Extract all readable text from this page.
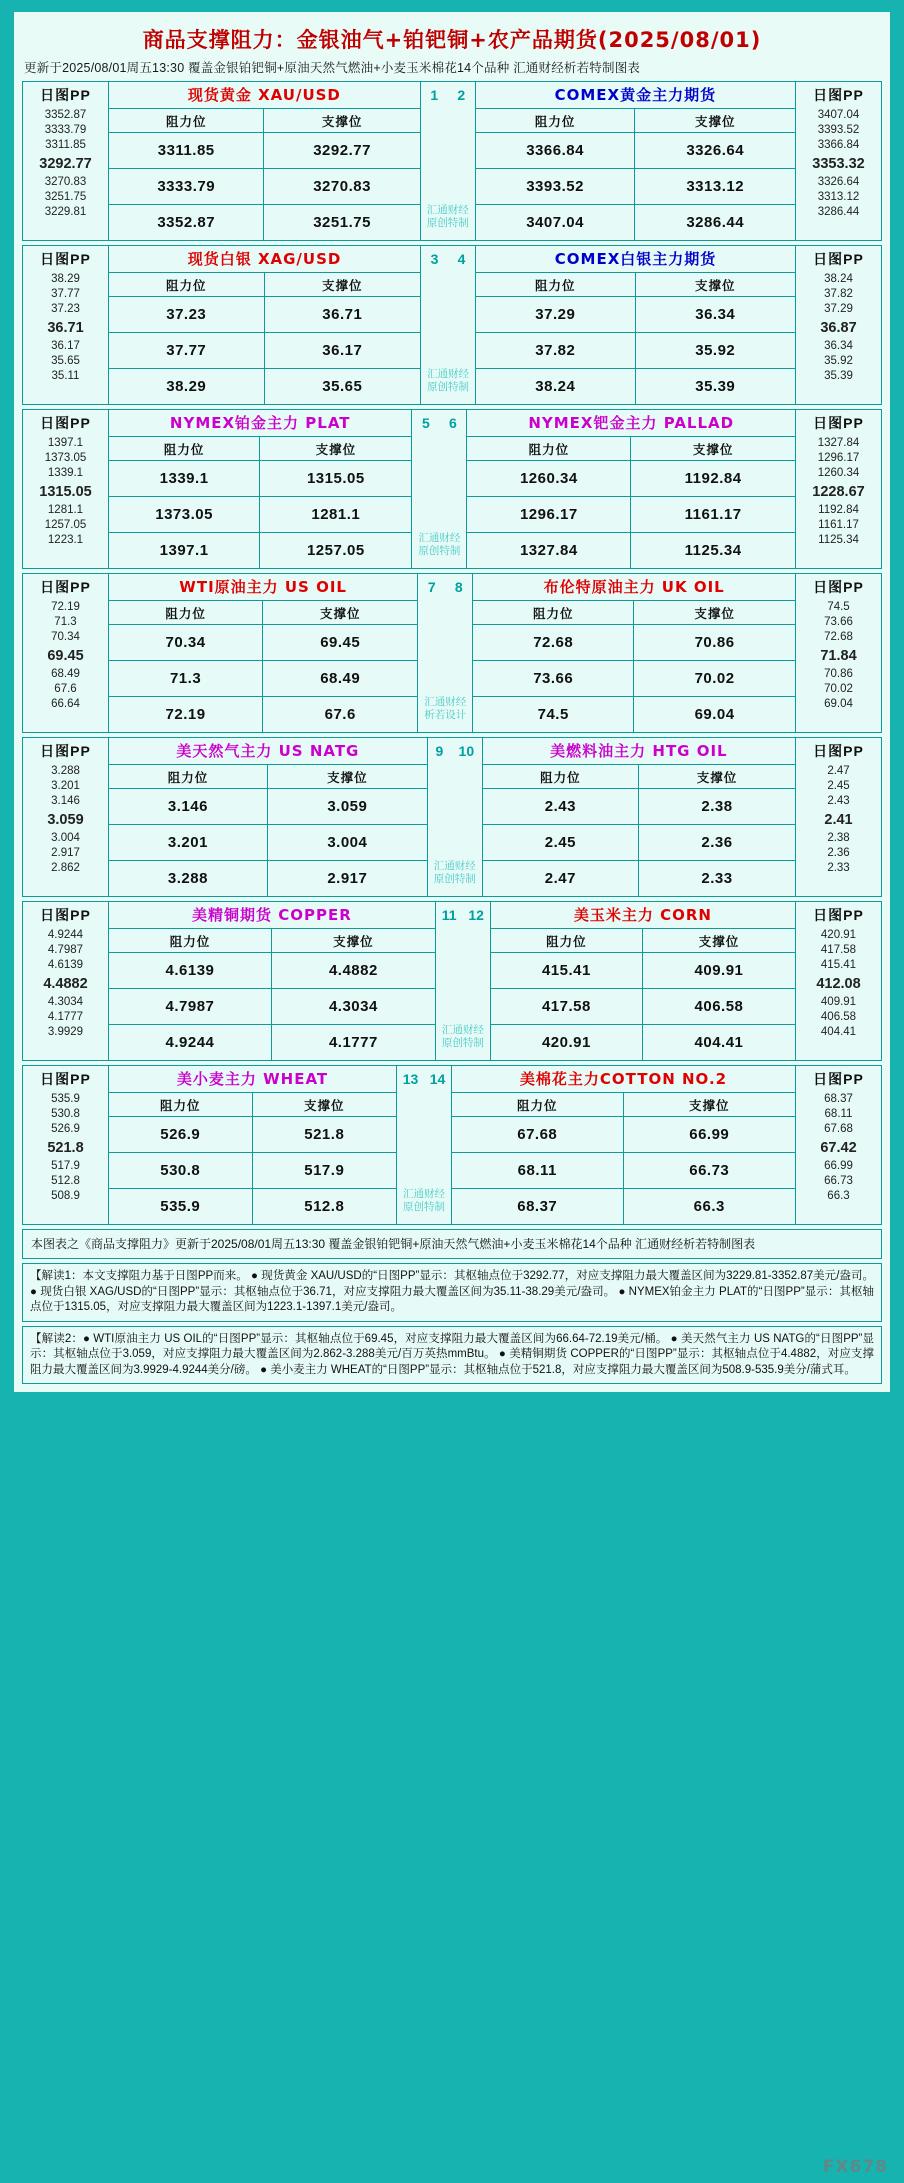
商品支撑阻力：金银油气+铂钯铜+农产品期货(2025/08/01)
更新于2025/08/01周五13:30 覆盖金银铂钯铜+原油天然气燃油+小麦玉米棉花14个品种 汇通财经析若特制图表
日图PP
3352.87
3333.79
3311.85
3292.77
3270.83
3251.75
3229.81
现货黄金 XAU/USD
阻力位	支撑位
3311.85	3292.77
3333.79	3270.83
3352.87	3251.75
1 2
汇通财经
原创特制
COMEX黄金主力期货
阻力位	支撑位
3366.84	3326.64
3393.52	3313.12
3407.04	3286.44
日图PP
3407.04
3393.52
3366.84
3353.32
3326.64
3313.12
3286.44
日图PP
38.29
37.77
37.23
36.71
36.17
35.65
35.11
现货白银 XAG/USD
阻力位	支撑位
37.23	36.71
37.77	36.17
38.29	35.65
3 4
汇通财经
原创特制
COMEX白银主力期货
阻力位	支撑位
37.29	36.34
37.82	35.92
38.24	35.39
日图PP
38.24
37.82
37.29
36.87
36.34
35.92
35.39
日图PP
1397.1
1373.05
1339.1
1315.05
1281.1
1257.05
1223.1
NYMEX铂金主力 PLAT
阻力位	支撑位
1339.1	1315.05
1373.05	1281.1
1397.1	1257.05
5 6
汇通财经
原创特制
NYMEX钯金主力 PALLAD
阻力位	支撑位
1260.34	1192.84
1296.17	1161.17
1327.84	1125.34
日图PP
1327.84
1296.17
1260.34
1228.67
1192.84
1161.17
1125.34
日图PP
72.19
71.3
70.34
69.45
68.49
67.6
66.64
WTI原油主力 US OIL
阻力位	支撑位
70.34	69.45
71.3	68.49
72.19	67.6
7 8
汇通财经
析若设计
布伦特原油主力 UK OIL
阻力位	支撑位
72.68	70.86
73.66	70.02
74.5	69.04
日图PP
74.5
73.66
72.68
71.84
70.86
70.02
69.04
日图PP
3.288
3.201
3.146
3.059
3.004
2.917
2.862
美天然气主力 US NATG
阻力位	支撑位
3.146	3.059
3.201	3.004
3.288	2.917
9 10
汇通财经
原创特制
美燃料油主力 HTG OIL
阻力位	支撑位
2.43	2.38
2.45	2.36
2.47	2.33
日图PP
2.47
2.45
2.43
2.41
2.38
2.36
2.33
日图PP
4.9244
4.7987
4.6139
4.4882
4.3034
4.1777
3.9929
美精铜期货 COPPER
阻力位	支撑位
4.6139	4.4882
4.7987	4.3034
4.9244	4.1777
11 12
汇通财经
原创特制
美玉米主力 CORN
阻力位	支撑位
415.41	409.91
417.58	406.58
420.91	404.41
日图PP
420.91
417.58
415.41
412.08
409.91
406.58
404.41
日图PP
535.9
530.8
526.9
521.8
517.9
512.8
508.9
美小麦主力 WHEAT
阻力位	支撑位
526.9	521.8
530.8	517.9
535.9	512.8
13 14
汇通财经
原创特制
美棉花主力COTTON NO.2
阻力位	支撑位
67.68	66.99
68.11	66.73
68.37	66.3
日图PP
68.37
68.11
67.68
67.42
66.99
66.73
66.3
本图表之《商品支撑阻力》更新于2025/08/01周五13:30 覆盖金银铂钯铜+原油天然气燃油+小麦玉米棉花14个品种 汇通财经析若特制图表
【解读1：本文支撑阻力基于日图PP而来。 ● 现货黄金 XAU/USD的“日图PP”显示：其枢轴点位于3292.77，对应支撑阻力最大覆盖区间为3229.81-3352.87美元/盎司。 ● 现货白银 XAG/USD的“日图PP”显示：其枢轴点位于36.71，对应支撑阻力最大覆盖区间为35.11-38.29美元/盎司。 ● NYMEX铂金主力 PLAT的“日图PP”显示：其枢轴点位于1315.05，对应支撑阻力最大覆盖区间为1223.1-1397.1美元/盎司。
【解读2：● WTI原油主力 US OIL的“日图PP”显示：其枢轴点位于69.45，对应支撑阻力最大覆盖区间为66.64-72.19美元/桶。 ● 美天然气主力 US NATG的“日图PP”显示：其枢轴点位于3.059，对应支撑阻力最大覆盖区间为2.862-3.288美元/百万英热mmBtu。 ● 美精铜期货 COPPER的“日图PP”显示：其枢轴点位于4.4882，对应支撑阻力最大覆盖区间为3.9929-4.9244美分/磅。 ● 美小麦主力 WHEAT的“日图PP”显示：其枢轴点位于521.8，对应支撑阻力最大覆盖区间为508.9-535.9美分/蒲式耳。
FX678
